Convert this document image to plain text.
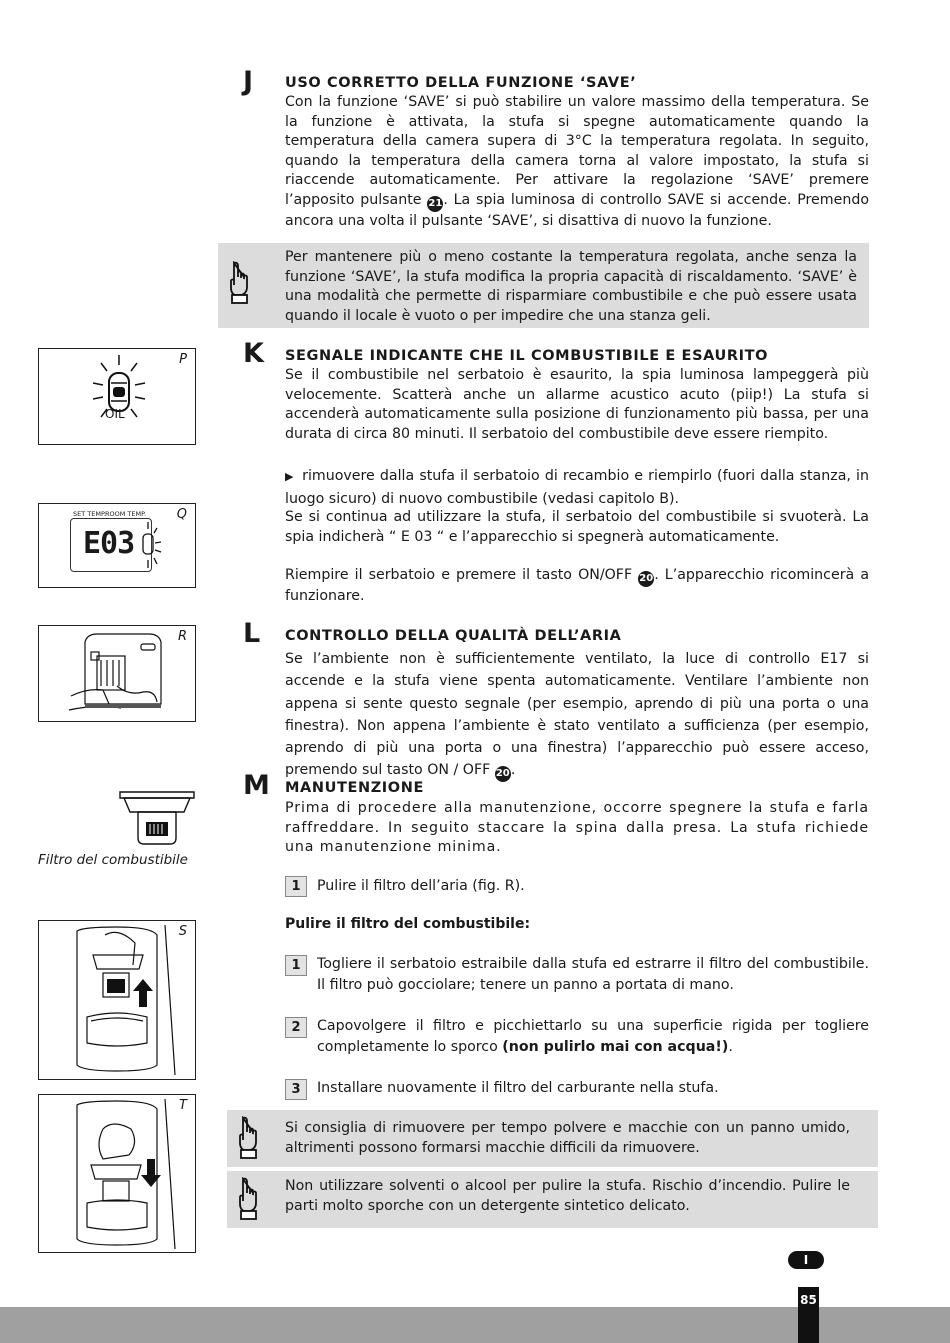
J USO CORRETTO DELLA FUNZIONE ‘SAVE’

Con la funzione ‘SAVE’ si può stabilire un valore massimo della temperatura. Se la funzione è attivata, la stufa si spegne automaticamente quando la temperatura della camera supera di 3°C la temperatura regolata. In seguito, quando la temperatura della camera torna al valore impostato, la stufa si riaccende automaticamente. Per attivare la regolazione ‘SAVE’ premere l’apposito pulsante 21. La spia luminosa di controllo SAVE si accende. Premendo ancora una volta il pulsante ‘SAVE’, si disattiva di nuovo la funzione.

Per mantenere più o meno costante la temperatura regolata, anche senza la funzione ‘SAVE’, la stufa modifica la propria capacità di riscaldamento. ‘SAVE’ è una modalità che permette di risparmiare combustibile e che può essere usata quando il locale è vuoto o per impedire che una stanza geli.

K SEGNALE INDICANTE CHE IL COMBUSTIBILE E ESAURITO

Se il combustibile nel serbatoio è esaurito, la spia luminosa lampeggerà più velocemente. Scatterà anche un allarme acustico acuto (piip!) La stufa si accenderà automaticamente sulla posizione di funzionamento più bassa, per una durata di circa 80 minuti. Il serbatoio del combustibile deve essere riempito.

▶ rimuovere dalla stufa il serbatoio di recambio e riempirlo (fuori dalla stanza, in luogo sicuro) di nuovo combustibile (vedasi capitolo B).

Se si continua ad utilizzare la stufa, il serbatoio del combustibile si svuoterà. La spia indicherà “ E 03 “ e l’apparecchio si spegnerà automaticamente.

Riempire il serbatoio e premere il tasto ON/OFF 20. L’apparecchio ricomincerà a funzionare.

L CONTROLLO DELLA QUALITÀ DELL’ARIA

Se l’ambiente non è sufficientemente ventilato, la luce di controllo E17 si accende e la stufa viene spenta automaticamente. Ventilare l’ambiente non appena si sente questo segnale (per esempio, aprendo di più una porta o una finestra). Non appena l’ambiente è stato ventilato a sufficienza (per esempio, aprendo di più una porta o una finestra) l’apparecchio può essere acceso, premendo sul tasto ON / OFF 20.

M MANUTENZIONE

Prima di procedere alla manutenzione, occorre spegnere la stufa e farla raffreddare. In seguito staccare la spina dalla presa. La stufa richiede una manutenzione minima.

1	Pulire il filtro dell’aria (fig. R).

Pulire il filtro del combustibile:
1	Togliere il serbatoio estraibile dalla stufa ed estrarre il filtro del combustibile. Il filtro può gocciolare; tenere un panno a portata di mano.

2	Capovolgere il filtro e picchiettarlo su una superficie rigida per togliere completamente lo sporco (non pulirlo mai con acqua!).

3	Installare nuovamente il filtro del carburante nella stufa.

Si consiglia di rimuovere per tempo polvere e macchie con un panno umido, altrimenti possono formarsi macchie difficili da rimuovere.

Non utilizzare solventi o alcool per pulire la stufa. Rischio d’incendio. Pulire le parti molto sporche con un detergente sintetico delicato.

P
OIL
Q
SET TEMP. ROOM TEMP.
E03
R
Filtro del combustibile
S
T
I
85
